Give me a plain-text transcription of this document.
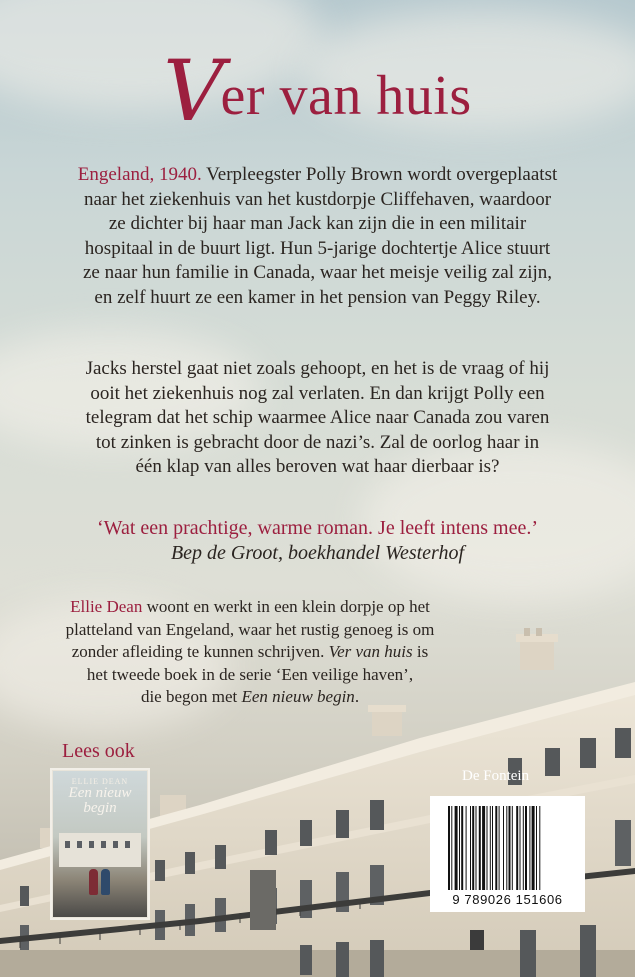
Ver van huis
Engeland, 1940. Verpleegster Polly Brown wordt overgeplaatst
naar het ziekenhuis van het kustdorpje Cliffehaven, waardoor
ze dichter bij haar man Jack kan zijn die in een militair
hospitaal in de buurt ligt. Hun 5-jarige dochtertje Alice stuurt
ze naar hun familie in Canada, waar het meisje veilig zal zijn,
en zelf huurt ze een kamer in het pension van Peggy Riley.
Jacks herstel gaat niet zoals gehoopt, en het is de vraag of hij
ooit het ziekenhuis nog zal verlaten. En dan krijgt Polly een
telegram dat het schip waarmee Alice naar Canada zou varen
tot zinken is gebracht door de nazi’s. Zal de oorlog haar in
één klap van alles beroven wat haar dierbaar is?
‘Wat een prachtige, warme roman. Je leeft intens mee.’
Bep de Groot, boekhandel Westerhof
Ellie Dean woont en werkt in een klein dorpje op het
platteland van Engeland, waar het rustig genoeg is om
zonder afleiding te kunnen schrijven. Ver van huis is
het tweede boek in de serie ‘Een veilige haven’,
die begon met Een nieuw begin.
Lees ook
ELLIE DEAN
Een nieuw
begin
De Fontein
9 789026 151606
